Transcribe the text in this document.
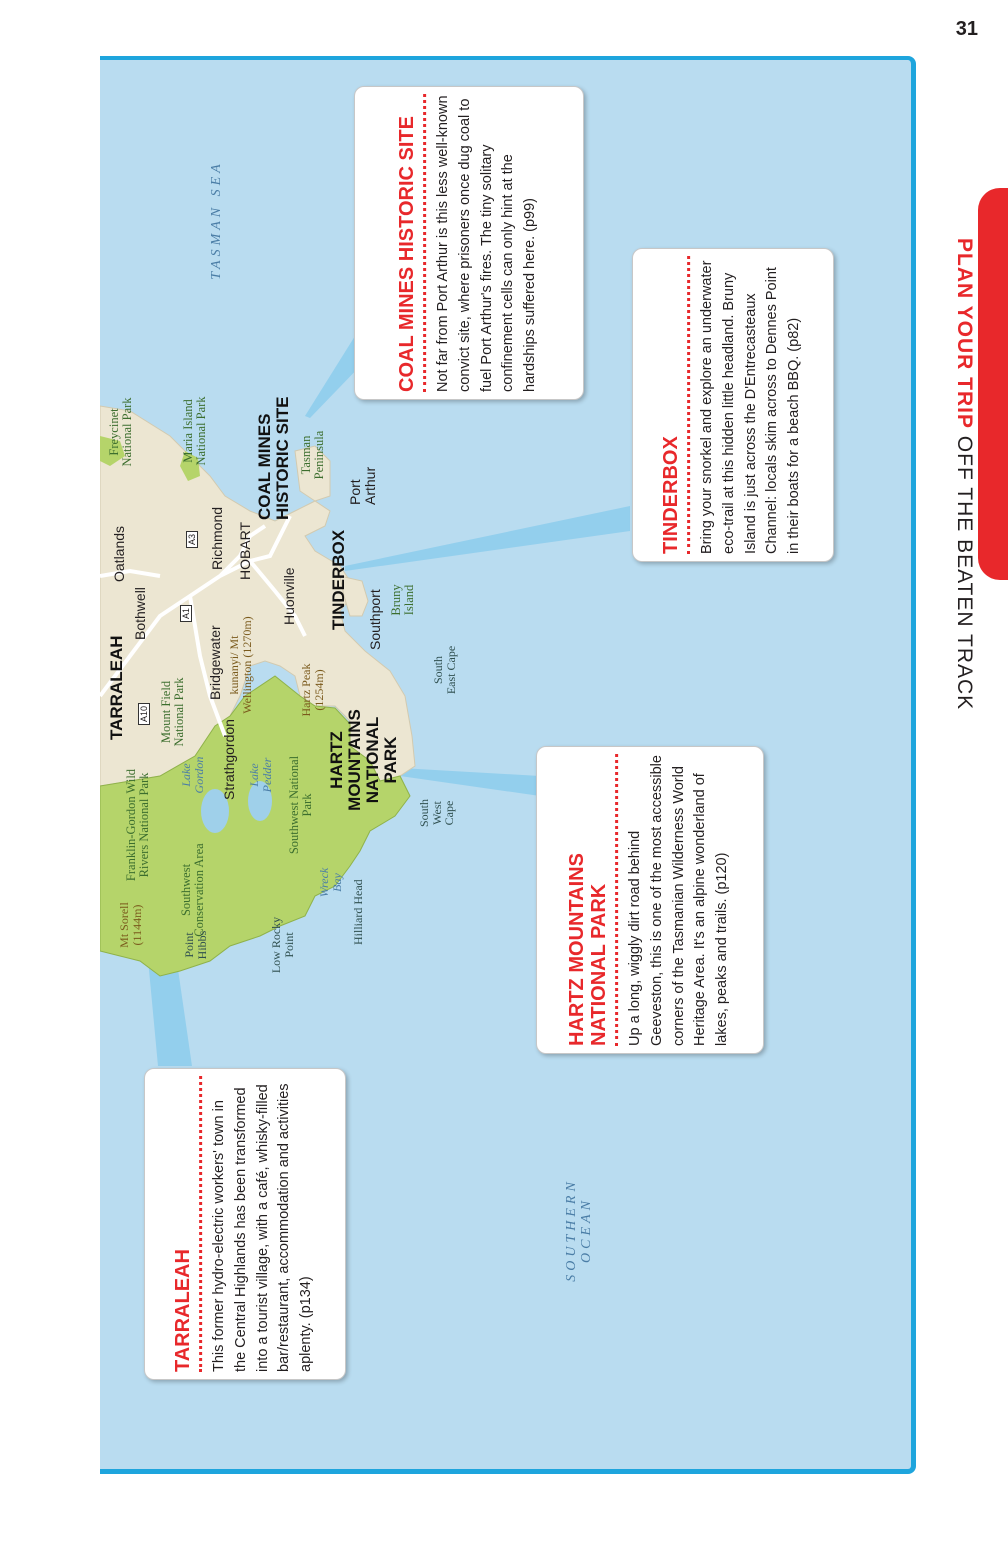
31
PLAN YOUR TRIP OFF THE BEATEN TRACK
TASMAN SEA
SOUTHERN OCEAN
TARRALEAH
HARTZ MOUNTAINS NATIONAL PARK
TINDERBOX
COAL MINES HISTORIC SITE
Oatlands
Bothwell
Richmond HOBART
Bridgewater
Huonville	Southport
Strathgordon
Port Arthur
Freycinet National Park	Maria Island National Park
Mount Field National Park
Franklin-Gordon Wild Rivers National Park
Southwest Conservation Area
Southwest National Park
Tasman Peninsula
Bruny Island
Lake Gordon	Lake Pedder
Wreck Bay
Mt Sorell (1144m)
kunanyi/ Mt Wellington (1270m)	Hartz Peak (1254m)
Point Hibbs	Low Rocky Point	Hilliard Head
South West Cape
South East Cape
A1
A3
A10
TARRALEAH This former hydro-electric workers' town in the Central Highlands has been transformed into a tourist village, with a café, whisky-filled bar/restaurant, accommodation and activities aplenty. (p134)
HARTZ MOUNTAINS NATIONAL PARK Up a long, wiggly dirt road behind Geeveston, this is one of the most accessible corners of the Tasmanian Wilderness World Heritage Area. It's an alpine wonderland of lakes, peaks and trails. (p120)
TINDERBOX Bring your snorkel and explore an underwater eco-trail at this hidden little headland. Bruny Island is just across the D'Entrecasteaux Channel: locals skim across to Dennes Point in their boats for a beach BBQ. (p82)
COAL MINES HISTORIC SITE Not far from Port Arthur is this less well-known convict site, where prisoners once dug coal to fuel Port Arthur's fires. The tiny solitary confinement cells can only hint at the hardships suffered here. (p99)
